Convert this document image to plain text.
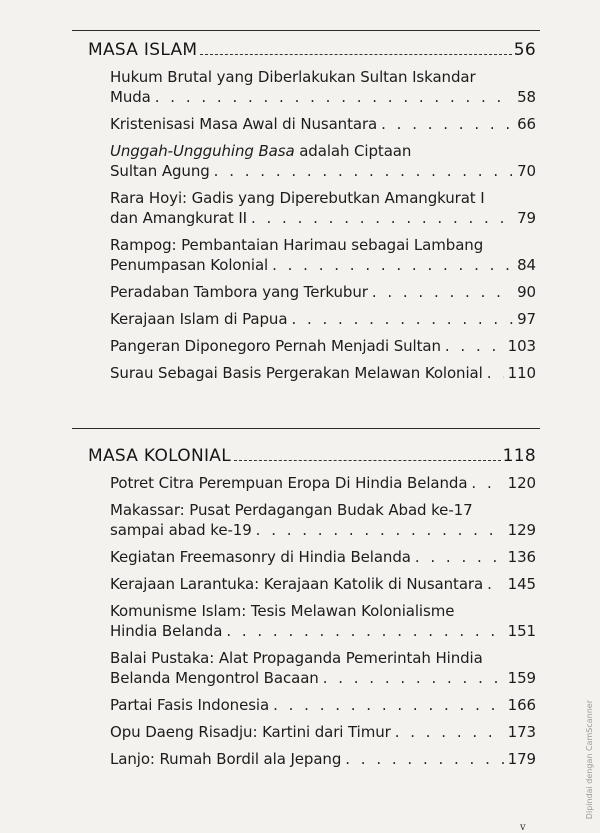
MASA ISLAM	56
Hukum Brutal yang Diberlakukan Sultan Iskandar
Muda . . .	58
Kristenisasi Masa Awal di Nusantara . . .	66
Unggah-Ungguhing Basa adalah Ciptaan
Sultan Agung . . .	70
Rara Hoyi: Gadis yang Diperebutkan Amangkurat I
dan Amangkurat II . . .	79
Rampog: Pembantaian Harimau sebagai Lambang
Penumpasan Kolonial . . .	84
Peradaban Tambora yang Terkubur . . .	90
Kerajaan Islam di Papua . . .	97
Pangeran Diponegoro Pernah Menjadi Sultan . . .	103
Surau Sebagai Basis Pergerakan Melawan Kolonial . . . 110
MASA KOLONIAL	118
Potret Citra Perempuan Eropa Di Hindia Belanda . . .	120
Makassar: Pusat Perdagangan Budak Abad ke-17
sampai abad ke-19 . . .	129
Kegiatan Freemasonry di Hindia Belanda . . .	136
Kerajaan Larantuka: Kerajaan Katolik di Nusantara . . . 145
Komunisme Islam: Tesis Melawan Kolonialisme
Hindia Belanda . . .	151
Balai Pustaka: Alat Propaganda Pemerintah Hindia
Belanda Mengontrol Bacaan . . .	159
Partai Fasis Indonesia . . .	166
Opu Daeng Risadju: Kartini dari Timur . . .	173
Lanjo: Rumah Bordil ala Jepang . . .	179	Dipindai dengan CamScanner
v
